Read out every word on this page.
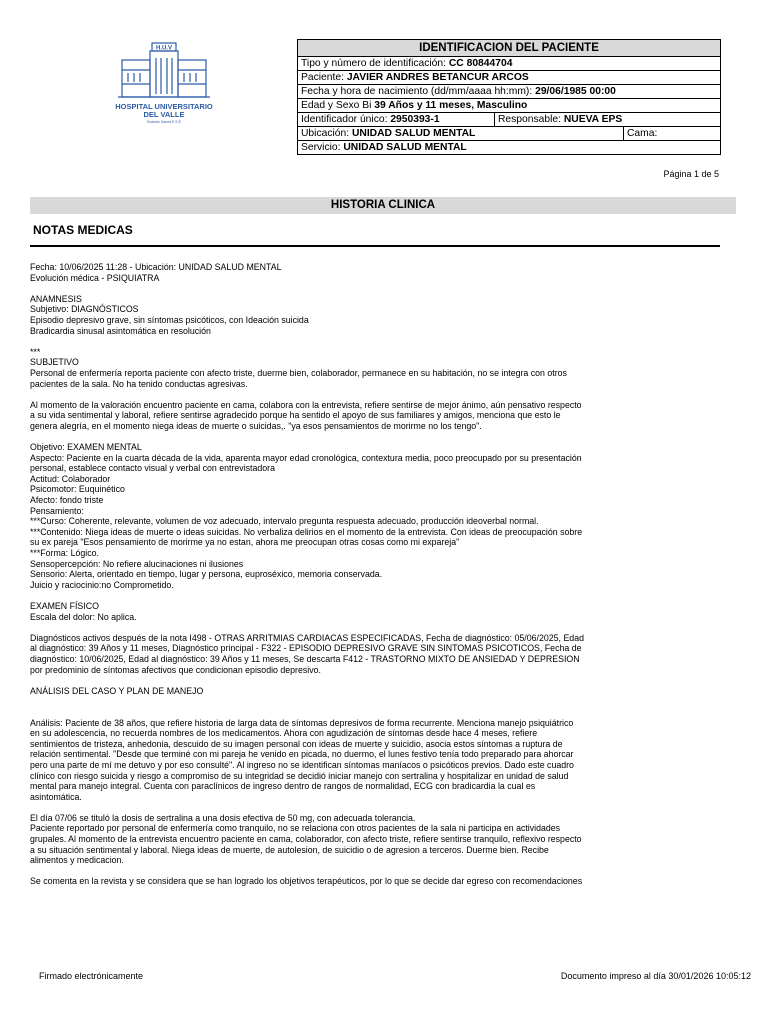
H.U.V
HOSPITAL UNIVERSITARIO
DEL VALLE
Evaristo Garcia E.S.E
IDENTIFICACION DEL PACIENTE		
Tipo y número de identificación: CC 80844704		
Paciente: JAVIER ANDRES BETANCUR ARCOS		
Fecha y hora de nacimiento (dd/mm/aaaa hh:mm): 29/06/1985 00:00		
Edad y Sexo Bi 39 Años y 11 meses, Masculino		
Identificador único: 2950393-1	Responsable: NUEVA EPS	
Ubicación: UNIDAD SALUD MENTAL		Cama:
Servicio: UNIDAD SALUD MENTAL		
Página 1 de 5
HISTORIA CLINICA
NOTAS MEDICAS
Fecha: 10/06/2025 11:28 - Ubicación: UNIDAD SALUD MENTAL
Evolución médica - PSIQUIATRA
ANAMNESIS
Subjetivo: DIAGNÓSTICOS
Episodio depresivo grave, sin síntomas psicóticos, con Ideación suicida
Bradicardia sinusal asintomática en resolución
***
SUBJETIVO
Personal de enfermería reporta paciente con afecto triste, duerme bien, colaborador, permanece en su habitación, no se integra con otros
pacientes de la sala. No ha tenido conductas agresivas.
Al momento de la valoración encuentro paciente en cama, colabora con la entrevista, refiere sentirse de mejor ánimo, aún pensativo respecto
a su vida sentimental y laboral, refiere sentirse agradecido porque ha sentido el apoyo de sus familiares y amigos, menciona que esto le
genera alegría, en el momento niega ideas de muerte o suicidas,. "ya esos pensamientos de morirme no los tengo".
Objetivo: EXAMEN MENTAL
Aspecto: Paciente en la cuarta década de la vida, aparenta mayor edad cronológica, contextura media, poco preocupado por su presentación
personal, establece contacto visual y verbal con entrevistadora
Actitud: Colaborador
Psicomotor: Euquinético
Afecto: fondo triste
Pensamiento:
***Curso: Coherente, relevante, volumen de voz adecuado, intervalo pregunta respuesta adecuado, producción ideoverbal normal.
***Contenido: Niega ideas de muerte o ideas suicidas. No verbaliza delirios en el momento de la entrevista. Con ideas de preocupación sobre
su ex pareja "Esos pensamiento de morirme ya no estan, ahora me preocupan otras cosas como mi expareja"
***Forma: Lógico.
Sensopercepción: No refiere alucinaciones ni ilusiones
Sensorio: Alerta, orientado en tiempo, lugar y persona, euproséxico, memoria conservada.
Juicio y raciocinio:no Comprometido.
EXAMEN FÍSICO
Escala del dolor: No aplica.
Diagnósticos activos después de la nota I498 - OTRAS ARRITMIAS CARDIACAS ESPECIFICADAS, Fecha de diagnóstico: 05/06/2025, Edad
al diagnóstico: 39 Años y 11 meses, Diagnóstico principal - F322 - EPISODIO DEPRESIVO GRAVE SIN SINTOMAS PSICOTICOS, Fecha de
diagnóstico: 10/06/2025, Edad al diagnóstico: 39 Años y 11 meses, Se descarta F412 - TRASTORNO MIXTO DE ANSIEDAD Y DEPRESION
por predominio de síntomas afectivos que condicionan episodio depresivo.
ANÁLISIS DEL CASO Y PLAN DE MANEJO
Análisis: Paciente de 38 años, que refiere historia de larga data de síntomas depresivos de forma recurrente. Menciona manejo psiquiátrico
en su adolescencia, no recuerda nombres de los medicamentos. Ahora con agudización de síntomas desde hace 4 meses, refiere
sentimientos de tristeza, anhedonia, descuido de su imagen personal con ideas de muerte y suicidio, asocia estos síntomas a ruptura de
relación sentimental. "Desde que terminé con mi pareja he venido en picada, no duermo, el lunes festivo tenía todo preparado para ahorcar
pero una parte de mí me detuvo y por eso consulté". Al ingreso no se identifican síntomas maníacos o psicóticos previos. Dado este cuadro
clínico con riesgo suicida y riesgo a compromiso de su integridad se decidió iniciar manejo con sertralina y hospitalizar en unidad de salud
mental para manejo integral. Cuenta con paraclínicos de ingreso dentro de rangos de normalidad, ECG con bradicardia la cual es
asintomática.
El día 07/06 se tituló la dosis de sertralina a una dosis efectiva de 50 mg, con adecuada tolerancia.
Paciente reportado por personal de enfermería como tranquilo, no se relaciona con otros pacientes de la sala ni participa en actividades
grupales. Al momento de la entrevista encuentro paciente en cama, colaborador, con afecto triste, refiere sentirse tranquilo, reflexivo respecto
a su situación sentimental y laboral. Niega ideas de muerte, de autolesion, de suicidio o de agresion a terceros. Duerme bien. Recibe
alimentos y medicacion.
Se comenta en la revista y se considera que se han logrado los objetivos terapéuticos, por lo que se decide dar egreso con recomendaciones
Firmado electrónicamente	Documento impreso al día 30/01/2026 10:05:12
